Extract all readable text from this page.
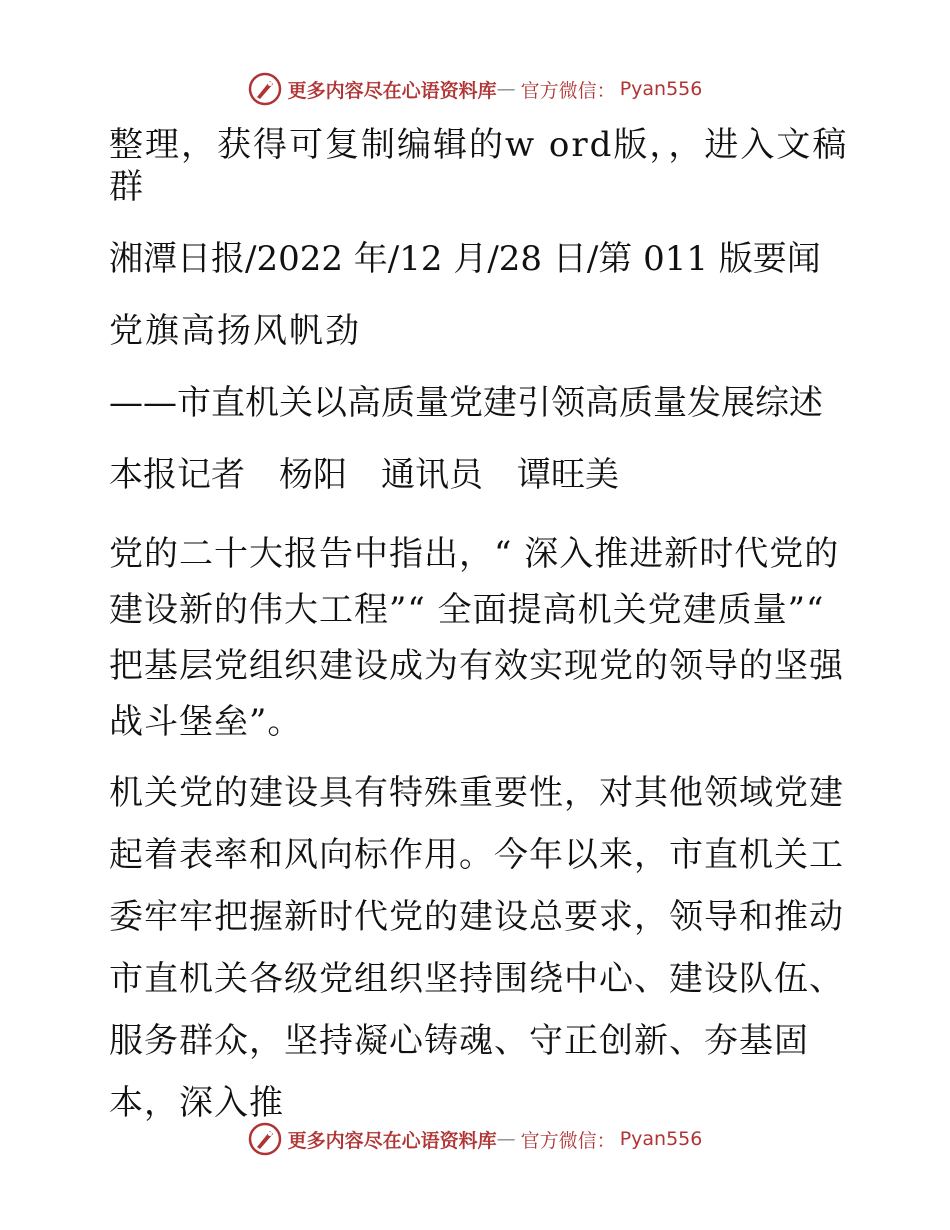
更多内容尽在心语资料库 — 官方微信： Pyan556

整理，获得可复制编辑的w ord版，，进入文稿群

湘潭日报/2022 年/12 月/28 日/第 011 版要闻

党旗高扬风帆劲

——市直机关以高质量党建引领高质量发展综述

本报记者　杨阳　通讯员　谭旺美

党的二十大报告中指出，“ 深入推进新时代党的建设新的伟大工程”“ 全面提高机关党建质量”“ 把基层党组织建设成为有效实现党的领导的坚强战斗堡垒”。

机关党的建设具有特殊重要性，对其他领域党建起着表率和风向标作用。今年以来，市直机关工委牢牢把握新时代党的建设总要求，领导和推动市直机关各级党组织坚持围绕中心、建设队伍、服务群众，坚持凝心铸魂、守正创新、夯基固本，深入推

更多内容尽在心语资料库 — 官方微信： Pyan556
